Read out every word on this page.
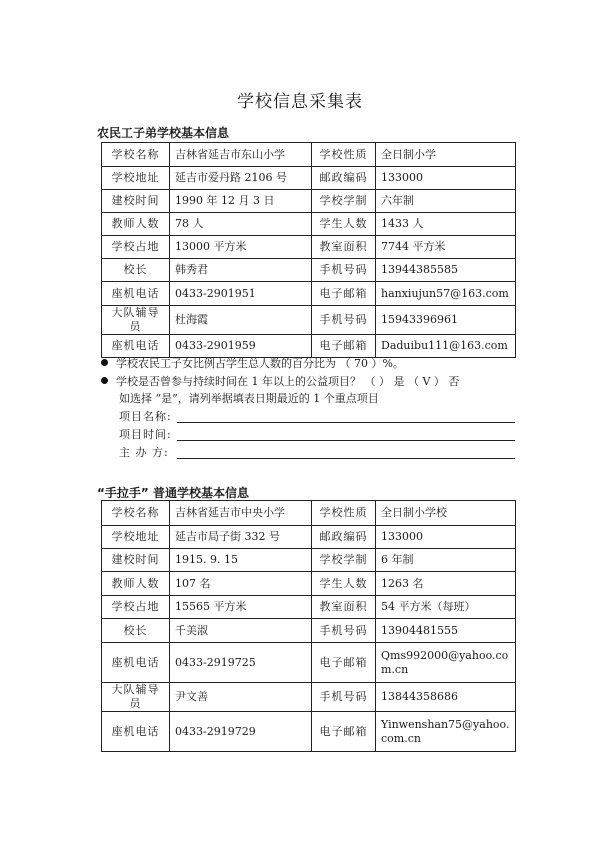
学校信息采集表
农民工子弟学校基本信息
学校名称	吉林省延吉市东山小学	学校性质	全日制小学
学校地址	延吉市爱丹路 2106 号	邮政编码	133000
建校时间	1990 年 12 月 3 日	学校学制	六年制
教师人数	78 人	学生人数	1433 人
学校占地	13000 平方米	教室面积	7744 平方米
校长	韩秀君	手机号码	13944385585
座机电话	0433-2901951	电子邮箱	hanxiujun57@163.com
大队辅导员	杜海霞	手机号码	15943396961
座机电话	0433-2901959	电子邮箱	Daduibu111@163.com
学校农民工子女比例占学生总人数的百分比为 （ 70 ）%。
学校是否曾参与持续时间在 1 年以上的公益项目？ （ ） 是 （ V ） 否
如选择 “是”，请列举据填表日期最近的 1 个重点项目
项目名称:
项目时间:
主 办 方:
“手拉手” 普通学校基本信息
学校名称	吉林省延吉市中央小学	学校性质	全日制小学校
学校地址	延吉市局子街 332 号	邮政编码	133000
建校时间	1915. 9. 15	学校学制	6 年制
教师人数	107 名	学生人数	1263 名
学校占地	15565 平方米	教室面积	54 平方米（每班）
校长	千美淑	手机号码	13904481555
座机电话	0433-2919725	电子邮箱	Qms992000@yahoo.com.cn
大队辅导员	尹文善	手机号码	13844358686
座机电话	0433-2919729	电子邮箱	Yinwenshan75@yahoo.com.cn
